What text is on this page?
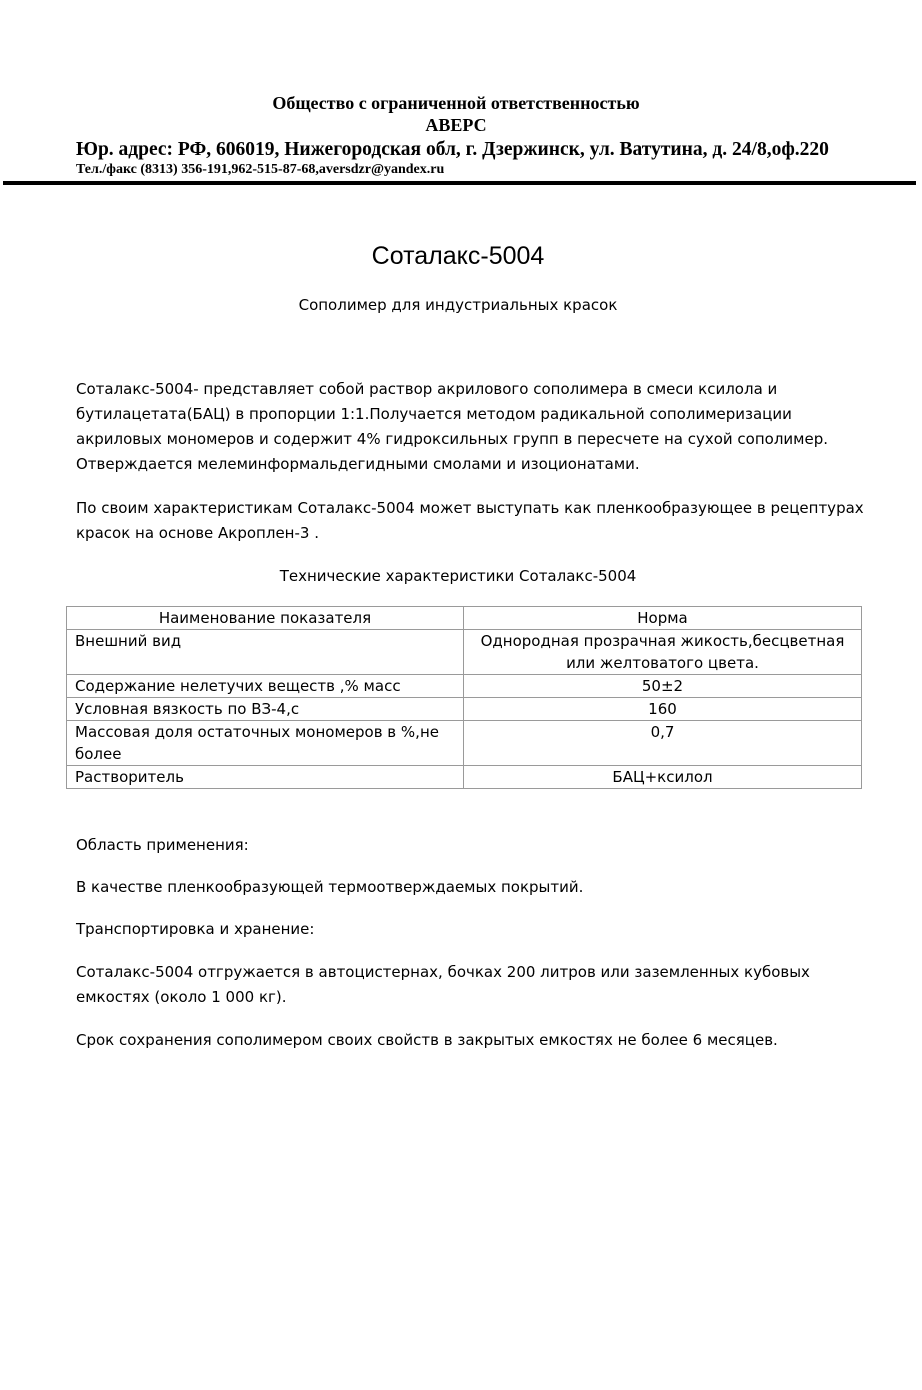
Общество с ограниченной ответственностью
АВЕРС
Юр. адрес: РФ, 606019, Нижегородская обл, г. Дзержинск, ул. Ватутина, д. 24/8,оф.220
Тел./факс (8313) 356-191,962-515-87-68,aversdzr@yandex.ru
Соталакс-5004
Сополимер для индустриальных красок
Соталакс-5004- представляет собой раствор акрилового сополимера в смеси ксилола и бутилацетата(БАЦ) в пропорции 1:1.Получается методом радикальной сополимеризации акриловых мономеров и содержит 4% гидроксильных групп в пересчете на сухой сополимер. Отверждается мелеминформальдегидными смолами и изоционатами.
По своим характеристикам Соталакс-5004 может выступать как пленкообразующее в рецептурах красок на основе Акроплен-3 .
Технические характеристики Соталакс-5004
Наименование показателя	Норма
Внешний вид	Однородная прозрачная жикость,бесцветная или желтоватого цвета.
Содержание нелетучих веществ ,% масс	50±2
Условная вязкость по ВЗ-4,с	160
Массовая доля остаточных мономеров в %,не более	0,7
Растворитель	БАЦ+ксилол
Область применения:
В качестве пленкообразующей термоотверждаемых покрытий.
Транспортировка и хранение:
Соталакс-5004 отгружается в автоцистернах, бочках 200 литров или заземленных кубовых емкостях (около 1 000 кг).
Срок сохранения сополимером своих свойств в закрытых емкостях не более 6 месяцев.
